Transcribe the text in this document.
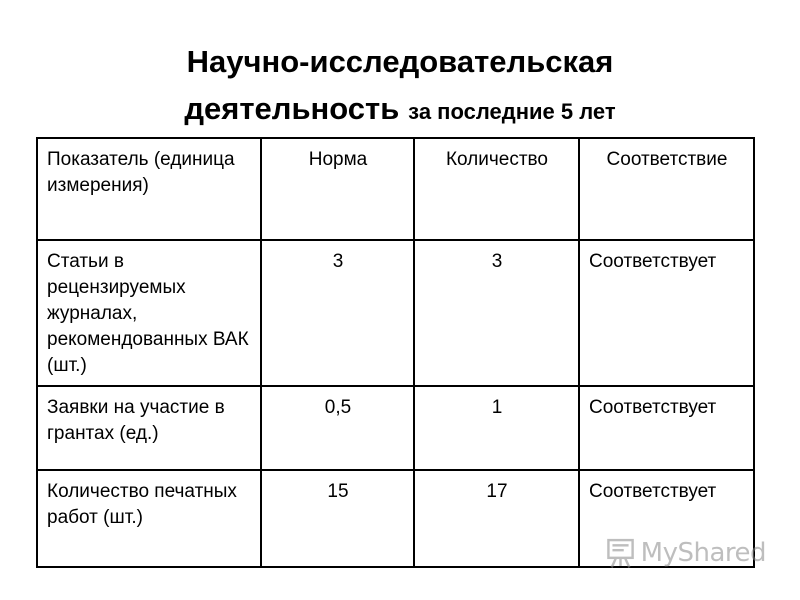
Научно-исследовательская
деятельность за последние 5 лет
Показатель (единица измерения)	Норма	Количество	Соответствие
Статьи в рецензируемых журналах, рекомендованных ВАК (шт.)	3	3	Соответствует
Заявки на участие в грантах (ед.)	0,5	1	Соответствует
Количество печатных работ (шт.)	15	17	Соответствует
MyShared
